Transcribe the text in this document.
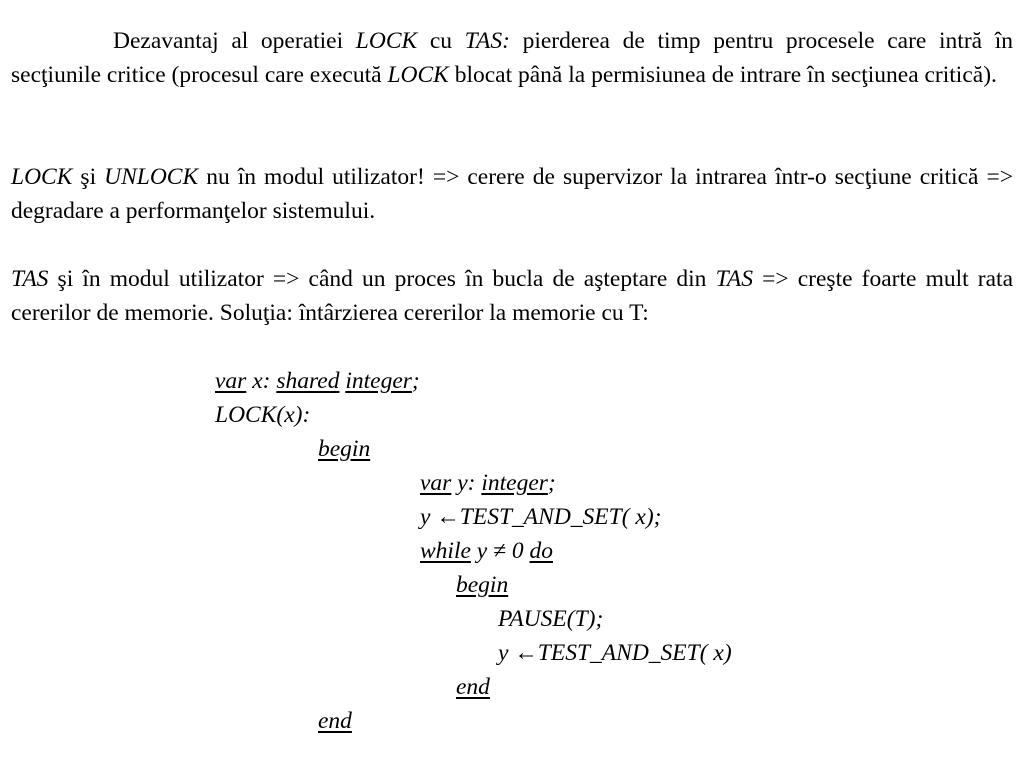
Dezavantaj al operatiei LOCK cu TAS: pierderea de timp pentru procesele care intră în secţiunile critice (procesul care execută LOCK blocat până la permisiunea de intrare în secţiunea critică).

LOCK şi UNLOCK nu în modul utilizator! => cerere de supervizor la intrarea într-o secţiune critică => degradare a performanţelor sistemului.

TAS şi în modul utilizator => când un proces în bucla de aşteptare din TAS => creşte foarte mult rata cererilor de memorie. Soluţia: întârzierea cererilor la memorie cu T:

var x: shared integer;
LOCK(x):
begin
var y: integer;
y ←TEST_AND_SET( x);
while y ≠ 0 do
begin
PAUSE(T);
y ←TEST_AND_SET( x)
end
end
